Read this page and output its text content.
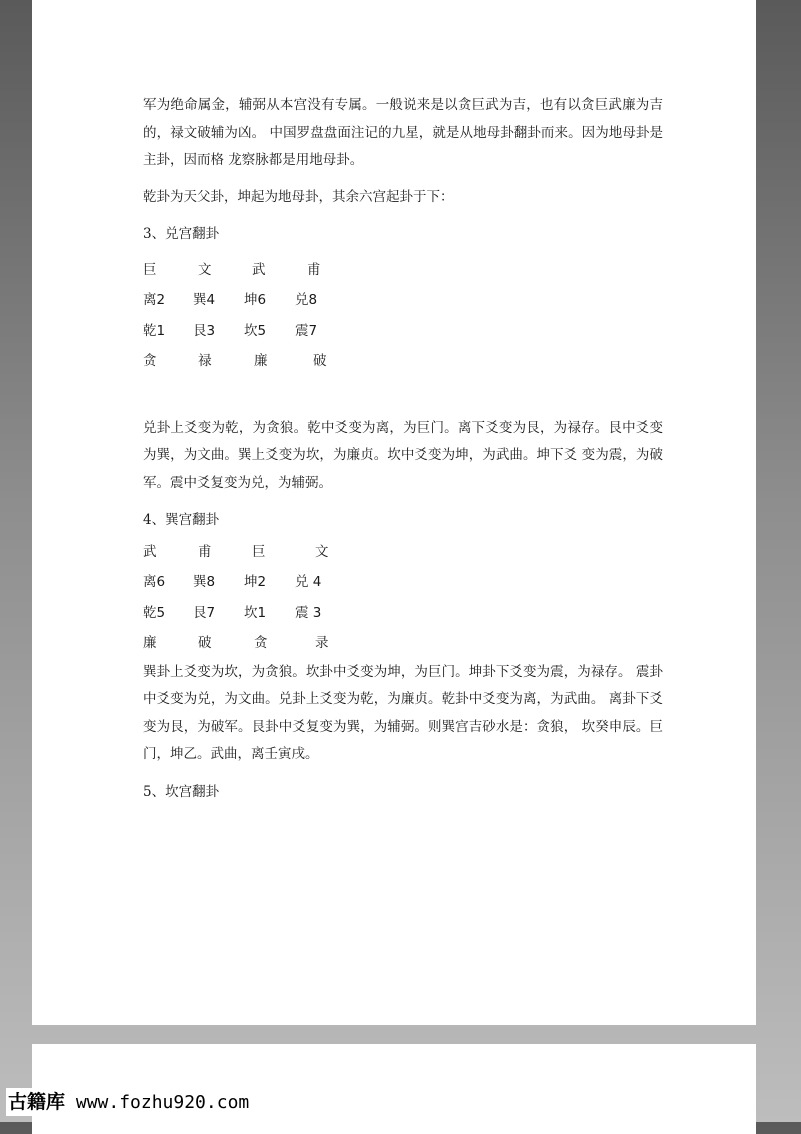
军为绝命属金，辅弼从本宫没有专属。一般说来是以贪巨武为吉，也有以贪巨武廉为吉的，禄文破辅为凶。 中国罗盘盘面注记的九星，就是从地母卦翻卦而来。因为地母卦是主卦，因而格 龙察脉都是用地母卦。

乾卦为天父卦，坤起为地母卦，其余六宫起卦于下：

3、兑宫翻卦

巨	文	武	甫
离2	巽4	坤6	兑8
乾1	艮3	坎5	震7
贪	禄	廉	破

兑卦上爻变为乾，为贪狼。乾中爻变为离，为巨门。离下爻变为艮，为禄存。艮中爻变为巽，为文曲。巽上爻变为坎，为廉贞。坎中爻变为坤，为武曲。坤下爻 变为震，为破军。震中爻复变为兑，为辅弼。

4、巽宫翻卦

武	甫	巨	文
离6	巽8	坤2	兑 4
乾5	艮7	坎1	震 3
廉	破	贪	录

巽卦上爻变为坎，为贪狼。坎卦中爻变为坤，为巨门。坤卦下爻变为震，为禄存。 震卦中爻变为兑，为文曲。兑卦上爻变为乾，为廉贞。乾卦中爻变为离，为武曲。 离卦下爻变为艮，为破军。艮卦中爻复变为巽，为辅弼。则巽宫吉砂水是：贪狼， 坎癸申辰。巨门，坤乙。武曲，离壬寅戌。

5、坎宫翻卦

古籍库 www.fozhu920.com
